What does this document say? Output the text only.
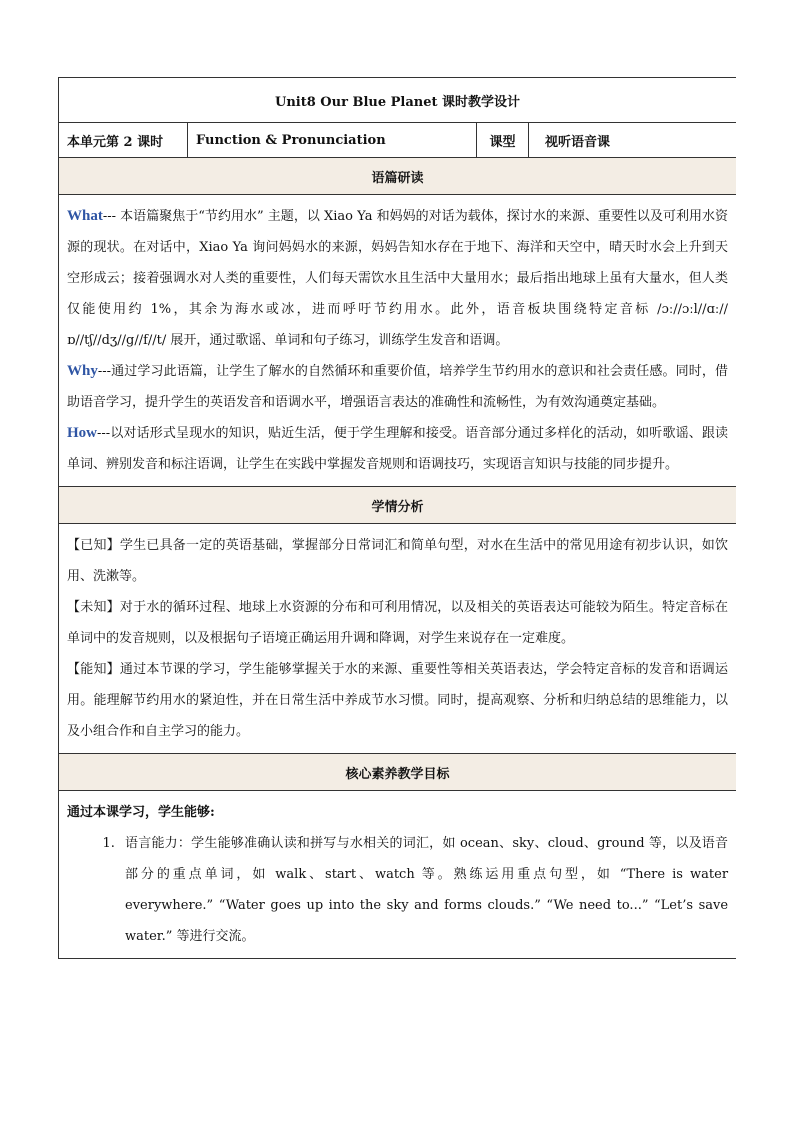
Unit8 Our Blue Planet 课时教学设计
本单元第 2 课时	Function & Pronunciation	课型	视听语音课
语篇研读

What--- 本语篇聚焦于“节约用水” 主题，以 Xiao Ya 和妈妈的对话为载体，探讨水的来源、重要性以及可利用水资源的现状。在对话中，Xiao Ya 询问妈妈水的来源，妈妈告知水存在于地下、海洋和天空中，晴天时水会上升到天空形成云；接着强调水对人类的重要性，人们每天需饮水且生活中大量用水；最后指出地球上虽有大量水，但人类仅能使用约 1%，其余为海水或冰，进而呼吁节约用水。此外，语音板块围绕特定音标 /ɔː//ɔːl//ɑː//ɒ//tʃ//dʒ//g//f//t/ 展开，通过歌谣、单词和句子练习，训练学生发音和语调。

Why---通过学习此语篇，让学生了解水的自然循环和重要价值，培养学生节约用水的意识和社会责任感。同时，借助语音学习，提升学生的英语发音和语调水平，增强语言表达的准确性和流畅性，为有效沟通奠定基础。

How---以对话形式呈现水的知识，贴近生活，便于学生理解和接受。语音部分通过多样化的活动，如听歌谣、跟读单词、辨别发音和标注语调，让学生在实践中掌握发音规则和语调技巧，实现语言知识与技能的同步提升。

学情分析

【已知】学生已具备一定的英语基础，掌握部分日常词汇和简单句型，对水在生活中的常见用途有初步认识，如饮用、洗漱等。

【未知】对于水的循环过程、地球上水资源的分布和可利用情况，以及相关的英语表达可能较为陌生。特定音标在单词中的发音规则，以及根据句子语境正确运用升调和降调，对学生来说存在一定难度。

【能知】通过本节课的学习，学生能够掌握关于水的来源、重要性等相关英语表达，学会特定音标的发音和语调运用。能理解节约用水的紧迫性，并在日常生活中养成节水习惯。同时，提高观察、分析和归纳总结的思维能力，以及小组合作和自主学习的能力。

核心素养教学目标

通过本课学习，学生能够:

1. 语言能力：学生能够准确认读和拼写与水相关的词汇，如 ocean、sky、cloud、ground 等，以及语音部分的重点单词，如 walk、start、watch 等。熟练运用重点句型，如 “There is water everywhere.” “Water goes up into the sky and forms clouds.” “We need to...” “Let’s save water.” 等进行交流。
